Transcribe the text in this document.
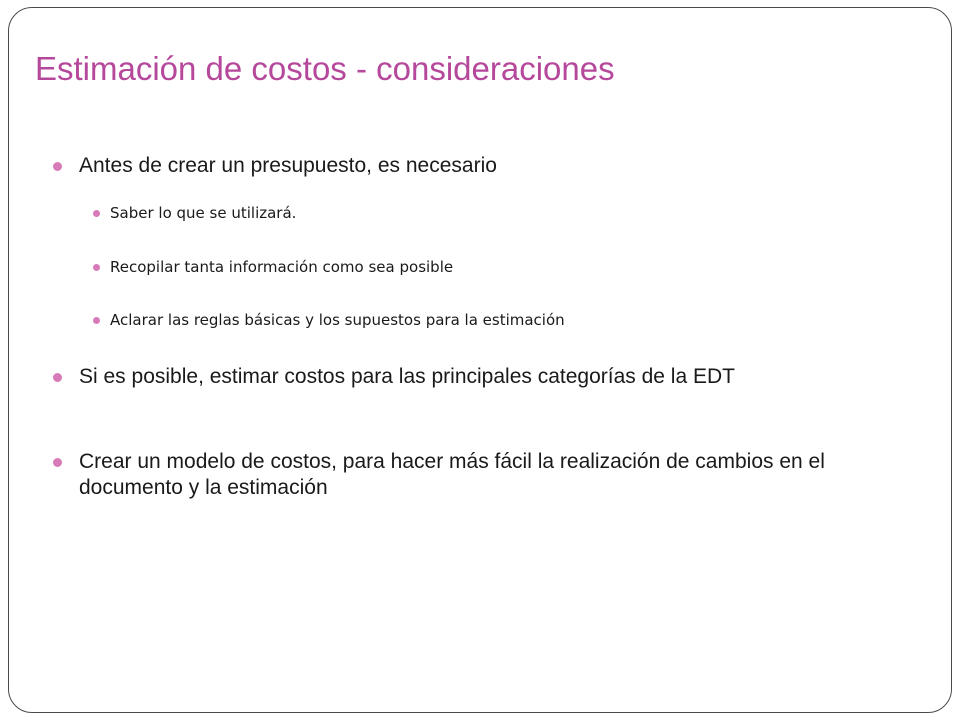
Estimación de costos - consideraciones
Antes de crear un presupuesto, es necesario
Saber lo que se utilizará.
Recopilar tanta información como sea posible
Aclarar las reglas básicas y los supuestos para la estimación
Si es posible, estimar costos para las principales categorías de la EDT
Crear un modelo de costos, para hacer más fácil la realización de cambios en el documento y la estimación
